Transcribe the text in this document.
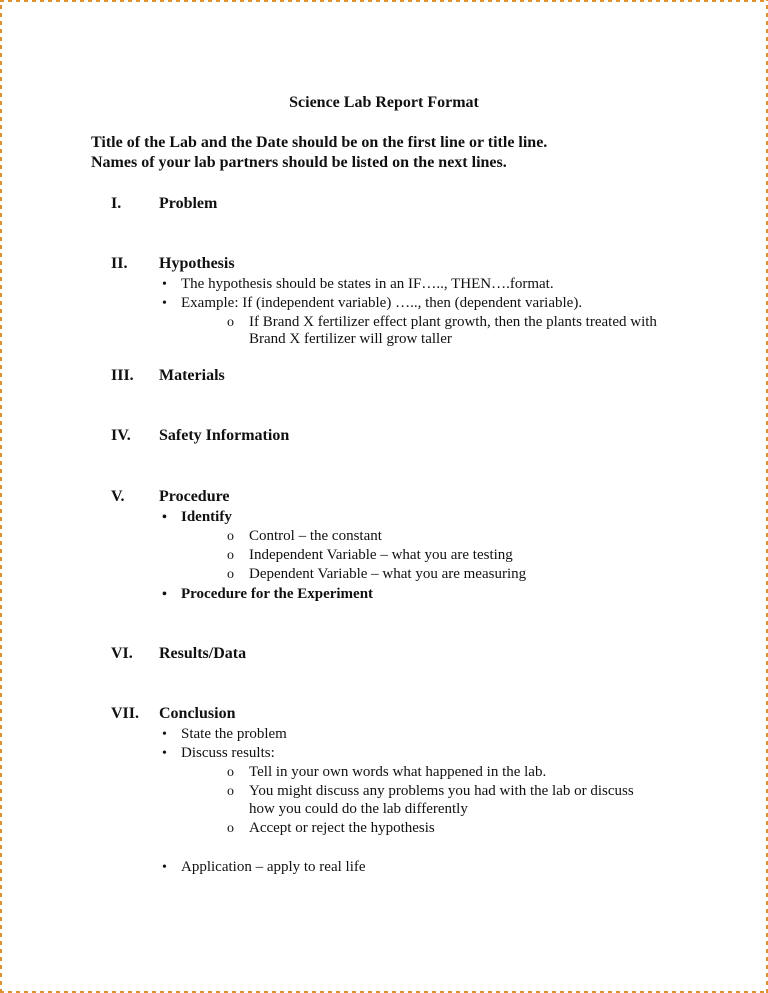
Science Lab Report Format
Title of the Lab and the Date should be on the first line or title line.
Names of your lab partners should be listed on the next lines.
I. Problem
II. Hypothesis
• The hypothesis should be states in an IF….., THEN….format.
• Example: If (independent variable) ….., then (dependent variable).
o If Brand X fertilizer effect plant growth, then the plants treated with
Brand X fertilizer will grow taller
III. Materials
IV. Safety Information
V. Procedure
• Identify
o Control – the constant
o Independent Variable – what you are testing
o Dependent Variable – what you are measuring
• Procedure for the Experiment
VI. Results/Data
VII. Conclusion
• State the problem
• Discuss results:
o Tell in your own words what happened in the lab.
o You might discuss any problems you had with the lab or discuss
how you could do the lab differently
o Accept or reject the hypothesis
• Application – apply to real life
